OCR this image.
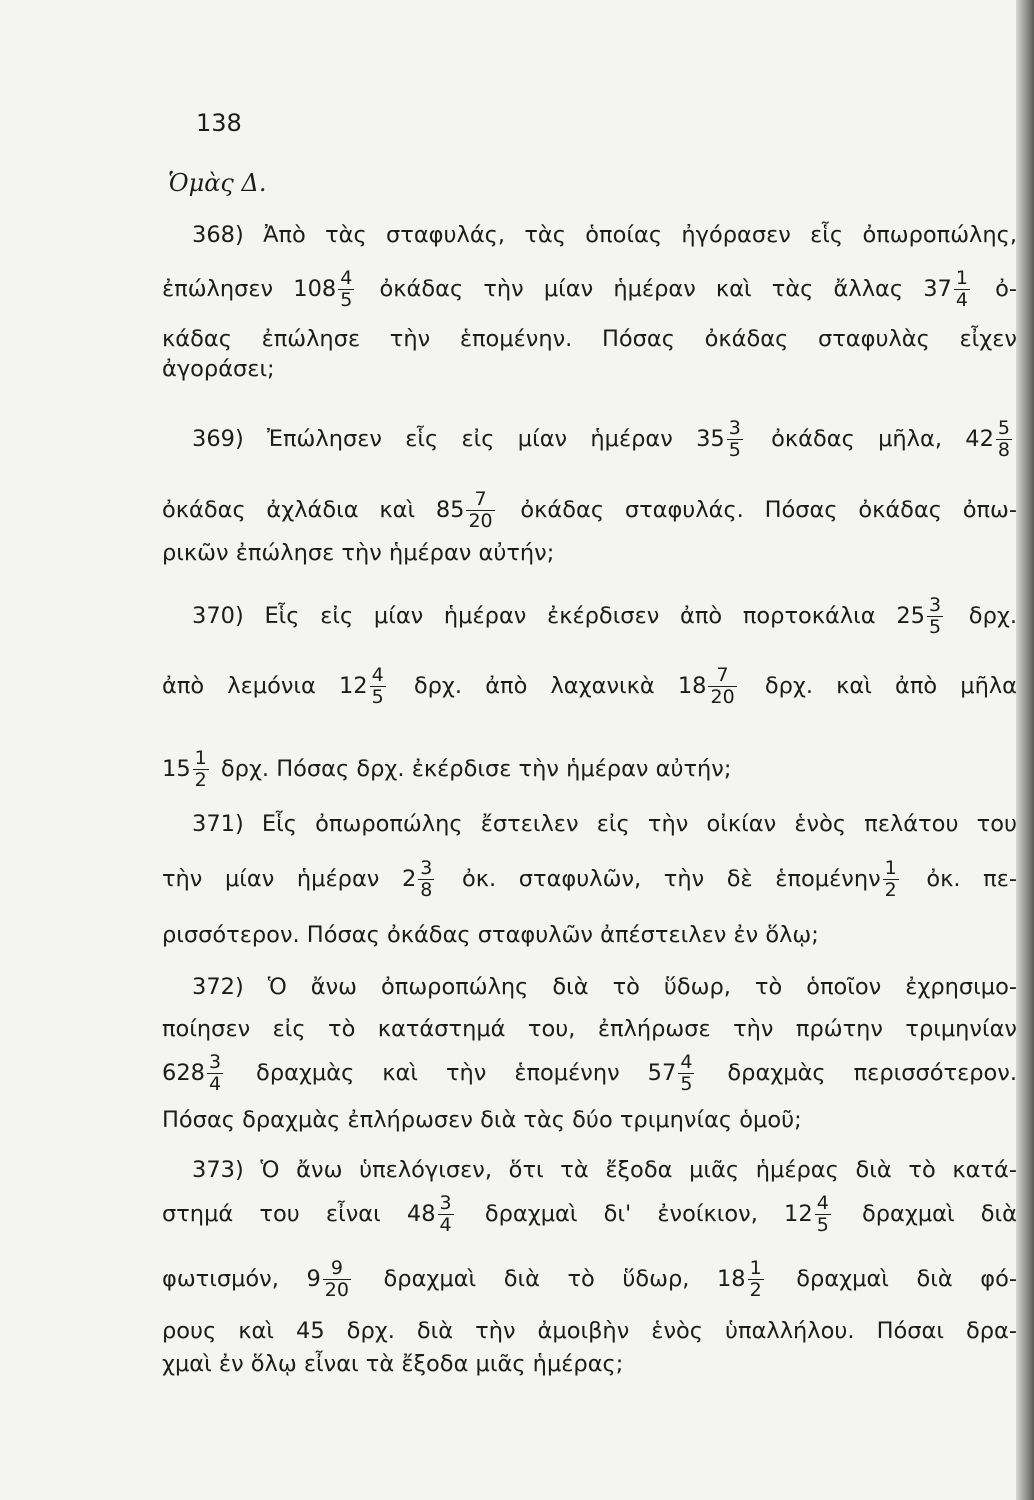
138
Ὁμὰς Δ.
368) Ἀπὸ τὰς σταφυλάς, τὰς ὁποίας ἠγόρασεν εἷς ὀπωροπώλης,
ἐπώλησεν $108 \frac{4}{5}$ ὀκάδας τὴν μίαν ἡμέραν καὶ τὰς ἄλλας $37 \frac{1}{4}$ ὀ-
κάδας ἐπώλησε τὴν ἑπομένην. Πόσας ὀκάδας σταφυλὰς εἶχεν
ἀγοράσει;
369) Ἐπώλησεν εἷς εἰς μίαν ἡμέραν $35 \frac{3}{5}$ ὀκάδας μῆλα, $42 \frac{5}{8}$
ὀκάδας ἀχλάδια καὶ $85 \frac{7}{20}$ ὀκάδας σταφυλάς. Πόσας ὀκάδας ὀπω-
ρικῶν ἐπώλησε τὴν ἡμέραν αὐτήν;
370) Εἷς εἰς μίαν ἡμέραν ἐκέρδισεν ἀπὸ πορτοκάλια $25 \frac{3}{5} \delta\rho\chi$.
ἀπὸ λεμόνια $12 \frac{4}{5} \delta\rho\chi$. ἀπὸ λαχανικὰ $18 \frac{7}{20} \delta\rho\chi$. καὶ ἀπὸ μῆλα
$15 \frac{1}{2} \delta\rho\chi$. Πόσας δρχ. ἐκέρδισε τὴν ἡμέραν αὐτήν;
371) Εἷς ὀπωροπώλης ἔστειλεν εἰς τὴν οἰκίαν ἑνὸς πελάτου του
τὴν μίαν ἡμέραν $2 \frac{3}{8}$ ὀκ. σταφυλῶν, τὴν δὲ ἑπομένην $\frac{1}{2}$ ὀκ. πε-
ρισσότερον. Πόσας ὀκάδας σταφυλῶν ἀπέστειλεν ἐν ὅλῳ;
372) Ὁ ἄνω ὀπωροπώλης διὰ τὸ ὕδωρ, τὸ ὁποῖον ἐχρησιμο-
ποίησεν εἰς τὸ κατάστημά του, ἐπλήρωσε τὴν πρώτην τριμηνίαν
$628 \frac{3}{4}$ δραχμὰς καὶ τὴν ἑπομένην $57 \frac{4}{5}$ δραχμὰς περισσότερον.
Πόσας δραχμὰς ἐπλήρωσεν διὰ τὰς δύο τριμηνίας ὁμοῦ;
373) Ὁ ἄνω ὑπελόγισεν, ὅτι τὰ ἔξοδα μιᾶς ἡμέρας διὰ τὸ κατά-
στημά του εἶναι $48 \frac{3}{4}$ δραχμαὶ δι' ἐνοίκιον, $12 \frac{4}{5}$ δραχμαὶ διὰ
φωτισμόν, $9 \frac{9}{20}$ δραχμαὶ διὰ τὸ ὕδωρ, $18 \frac{1}{2}$ δραχμαὶ διὰ φό-
ρους καὶ 45 δρχ. διὰ τὴν ἀμοιβὴν ἑνὸς ὑπαλλήλου. Πόσαι δρα-
χμαὶ ἐν ὅλῳ εἶναι τὰ ἔξοδα μιᾶς ἡμέρας;
